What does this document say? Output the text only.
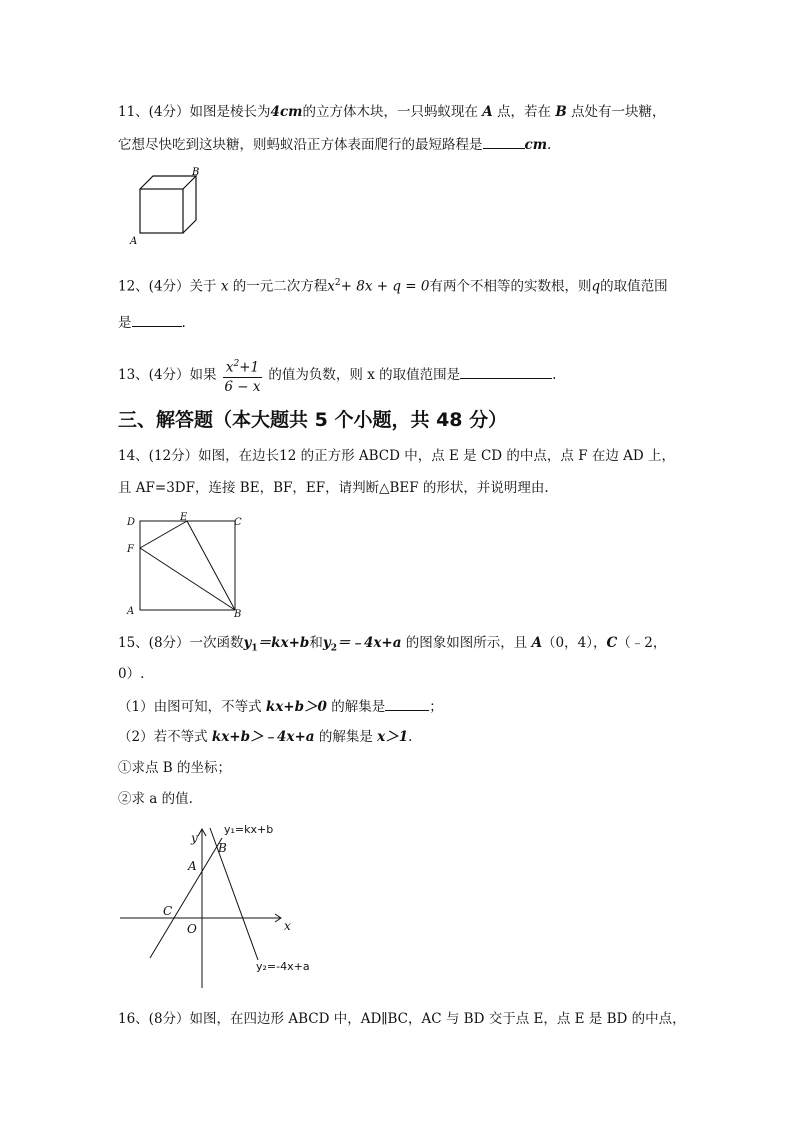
11、(4分）如图是棱长为4cm的立方体木块，一只蚂蚁现在 A 点，若在 B 点处有一块糖，
它想尽快吃到这块糖，则蚂蚁沿正方体表面爬行的最短路程是	cm.
A
B
12、(4分）关于 x 的一元二次方程$x^2+ 8x + q = 0$有两个不相等的实数根，则q的取值范围
是	.
13、(4分）如果 $\frac{x^2+1}{6 - x}$ 的值为负数，则 x 的取值范围是	.
三、解答题（本大题共 5 个小题，共 48 分）
14、(12分）如图，在边长12 的正方形 ABCD 中，点 E 是 CD 的中点，点 F 在边 AD 上，
且 AF=3DF，连接 BE，BF，EF，请判断△BEF 的形状，并说明理由.
D	E	C
F
A	B
15、(8分）一次函数$y_1=kx+b$和$y_2=﹣4x+a$ 的图象如图所示，且 A（0，4），C（﹣2，
0）.
（1）由图可知，不等式 kx+b＞0 的解集是	；
（2）若不等式 kx+b＞﹣4x+a 的解集是 x＞1.
①求点 B 的坐标；
②求 a 的值.
y
x
O
A
B
C
y₁=kx+b
y₂=-4x+a
16、(8分）如图，在四边形 ABCD 中，AD∥BC，AC 与 BD 交于点 E，点 E 是 BD 的中点，
